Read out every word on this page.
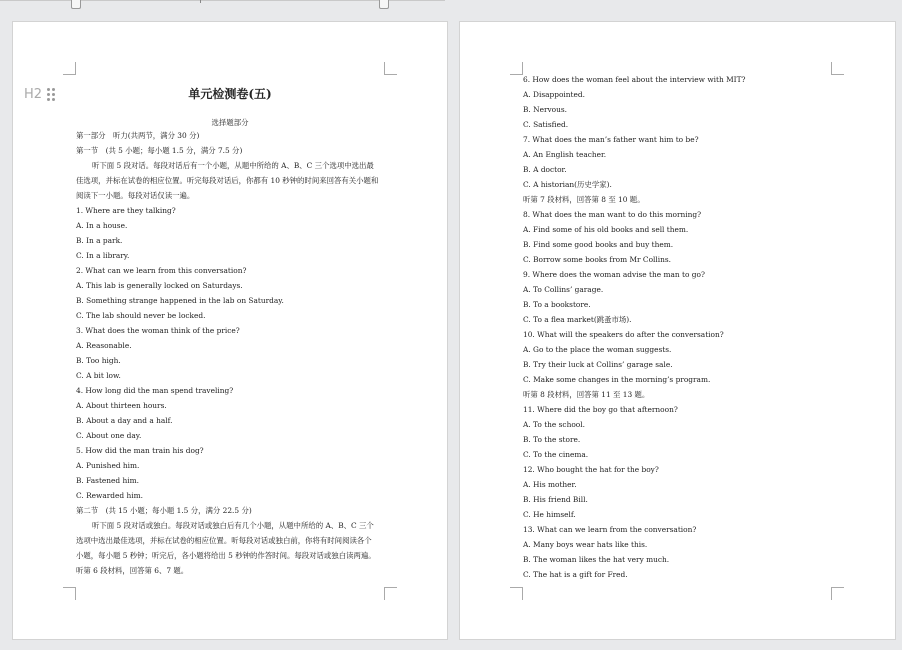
H2	单元检测卷(五)
选择题部分
第一部分　听力(共两节，满分 30 分)
第一节　(共 5 小题；每小题 1.5 分，满分 7.5 分)
听下面 5 段对话。每段对话后有一个小题，从题中所给的 A、B、C 三个选项中选出最
佳选项，并标在试卷的相应位置。听完每段对话后，你都有 10 秒钟的时间来回答有关小题和
阅读下一小题。每段对话仅读一遍。
1. Where are they talking?
A. In a house.
B. In a park.
C. In a library.
2. What can we learn from this conversation?
A. This lab is generally locked on Saturdays.
B. Something strange happened in the lab on Saturday.
C. The lab should never be locked.
3. What does the woman think of the price?
A. Reasonable.
B. Too high.
C. A bit low.
4. How long did the man spend traveling?
A. About thirteen hours.
B. About a day and a half.
C. About one day.
5. How did the man train his dog?
A. Punished him.
B. Fastened him.
C. Rewarded him.
第二节　(共 15 小题；每小题 1.5 分，满分 22.5 分)
听下面 5 段对话或独白。每段对话或独白后有几个小题，从题中所给的 A、B、C 三个
选项中选出最佳选项，并标在试卷的相应位置。听每段对话或独白前，你将有时间阅读各个
小题，每小题 5 秒钟；听完后，各小题将给出 5 秒钟的作答时间。每段对话或独白读两遍。
听第 6 段材料，回答第 6、7 题。
6. How does the woman feel about the interview with MIT?
A. Disappointed.
B. Nervous.
C. Satisfied.
7. What does the man’s father want him to be?
A. An English teacher.
B. A doctor.
C. A historian(历史学家).
听第 7 段材料，回答第 8 至 10 题。
8. What does the man want to do this morning?
A. Find some of his old books and sell them.
B. Find some good books and buy them.
C. Borrow some books from Mr Collins.
9. Where does the woman advise the man to go?
A. To Collins’ garage.
B. To a bookstore.
C. To a flea market(跳蚤市场).
10. What will the speakers do after the conversation?
A. Go to the place the woman suggests.
B. Try their luck at Collins’ garage sale.
C. Make some changes in the morning’s program.
听第 8 段材料，回答第 11 至 13 题。
11. Where did the boy go that afternoon?
A. To the school.
B. To the store.
C. To the cinema.
12. Who bought the hat for the boy?
A. His mother.
B. His friend Bill.
C. He himself.
13. What can we learn from the conversation?
A. Many boys wear hats like this.
B. The woman likes the hat very much.
C. The hat is a gift for Fred.
